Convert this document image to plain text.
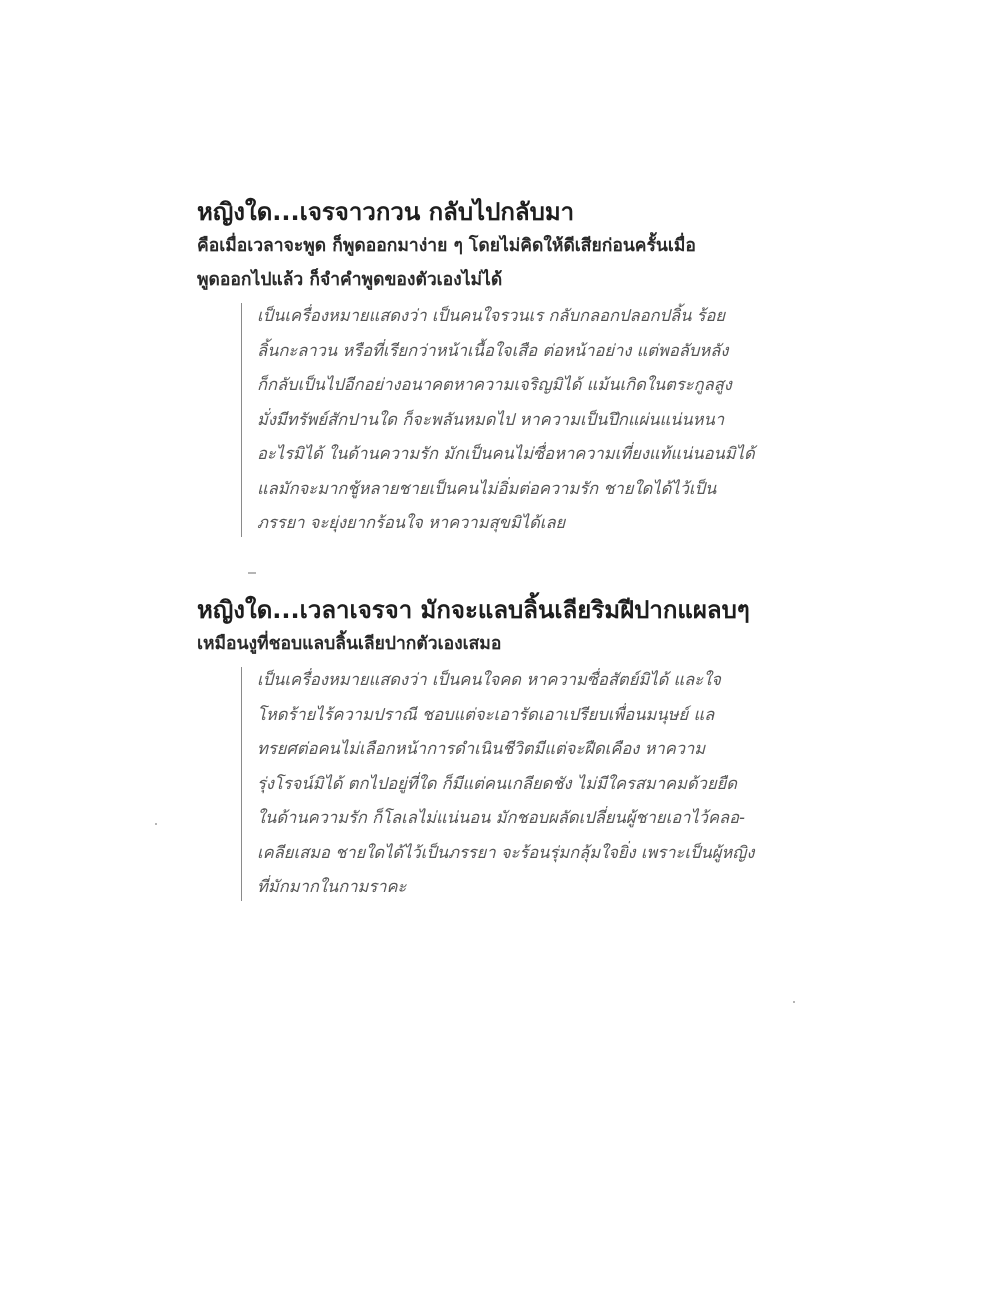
หญิงใด...เจรจาวกวน กลับไปกลับมา
คือเมื่อเวลาจะพูด ก็พูดออกมาง่าย ๆ โดยไม่คิดให้ดีเสียก่อนครั้นเมื่อ
พูดออกไปแล้ว ก็จำคำพูดของตัวเองไม่ได้
เป็นเครื่องหมายแสดงว่า เป็นคนใจรวนเร กลับกลอกปลอกปลิ้น ร้อย
ลิ้นกะลาวน หรือที่เรียกว่าหน้าเนื้อใจเสือ ต่อหน้าอย่าง แต่พอลับหลัง
ก็กลับเป็นไปอีกอย่างอนาคตหาความเจริญมิได้ แม้นเกิดในตระกูลสูง
มั่งมีทรัพย์สักปานใด ก็จะพลันหมดไป หาความเป็นปึกแผ่นแน่นหนา
อะไรมิได้ ในด้านความรัก มักเป็นคนไม่ซื่อหาความเที่ยงแท้แน่นอนมิได้
แลมักจะมากชู้หลายชายเป็นคนไม่อิ่มต่อความรัก ชายใดได้ไว้เป็น
ภรรยา จะยุ่งยากร้อนใจ หาความสุขมิได้เลย
หญิงใด...เวลาเจรจา มักจะแลบลิ้นเลียริมฝีปากแผลบๆ
เหมือนงูที่ชอบแลบลิ้นเลียปากตัวเองเสมอ
เป็นเครื่องหมายแสดงว่า เป็นคนใจคด หาความซื่อสัตย์มิได้ และใจ
โหดร้ายไร้ความปราณี ชอบแต่จะเอารัดเอาเปรียบเพื่อนมนุษย์ แล
ทรยศต่อคนไม่เลือกหน้าการดำเนินชีวิตมีแต่จะฝืดเคือง หาความ
รุ่งโรจน์มิได้ ตกไปอยู่ที่ใด ก็มีแต่คนเกลียดชัง ไม่มีใครสมาคมด้วยยืด
ในด้านความรัก ก็โลเลไม่แน่นอน มักชอบผลัดเปลี่ยนผู้ชายเอาไว้คลอ-
เคลียเสมอ ชายใดได้ไว้เป็นภรรยา จะร้อนรุ่มกลุ้มใจยิ่ง เพราะเป็นผู้หญิง
ที่มักมากในกามราคะ
